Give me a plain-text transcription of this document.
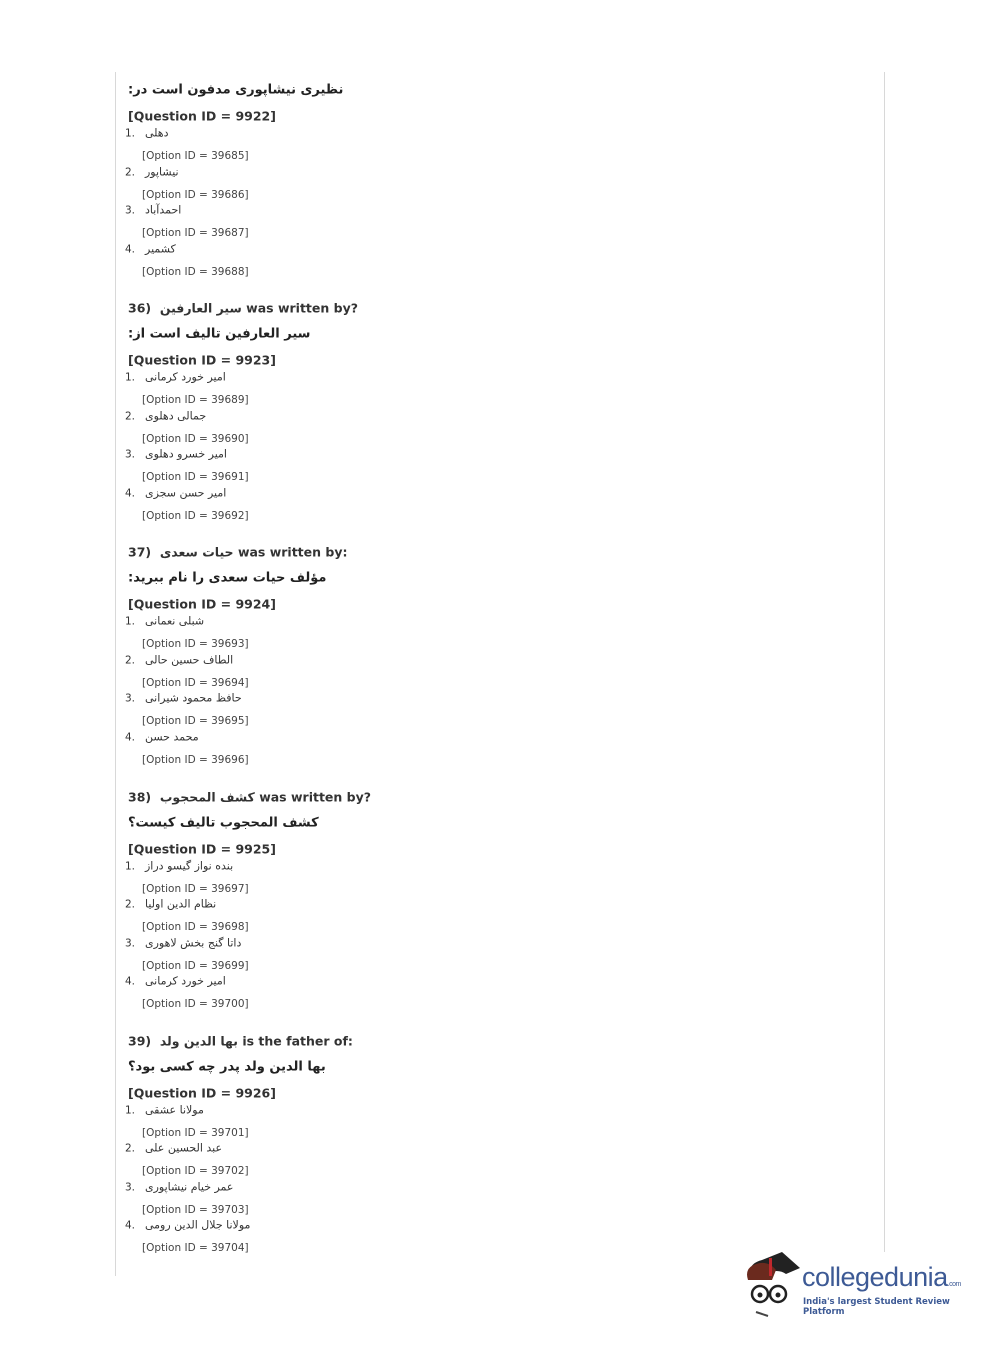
نظیری نیشاپوری مدفون است در:
[Question ID = 9922]
1. دهلی
[Option ID = 39685]
2. نیشاپور
[Option ID = 39686]
3. احمدآباد
[Option ID = 39687]
4. کشمیر
[Option ID = 39688]
36) سیر العارفین was written by?
سیر العارفین تالیف است از:
[Question ID = 9923]
1. امیر خورد کرمانی
[Option ID = 39689]
2. جمالی دهلوی
[Option ID = 39690]
3. امیر خسرو دهلوی
[Option ID = 39691]
4. امیر حسن سجزی
[Option ID = 39692]
37) حیات سعدی was written by:
مؤلف حیات سعدی را نام ببرید:
[Question ID = 9924]
1. شبلی نعمانی
[Option ID = 39693]
2. الطاف حسین حالی
[Option ID = 39694]
3. حافظ محمود شیرانی
[Option ID = 39695]
4. محمد حسن
[Option ID = 39696]
38) کشف المحجوب was written by?
کشف المحجوب تالیف کیست؟
[Question ID = 9925]
1. بنده نواز گیسو دراز
[Option ID = 39697]
2. نظام الدین اولیا
[Option ID = 39698]
3. داتا گنج بخش لاهوری
[Option ID = 39699]
4. امیر خورد کرمانی
[Option ID = 39700]
39) بها الدین ولد is the father of:
بها الدین ولد پدر چه کسی بود؟
[Question ID = 9926]
1. مولانا عشقی
[Option ID = 39701]
2. عبد الحسین علی
[Option ID = 39702]
3. عمر خیام نیشاپوری
[Option ID = 39703]
4. مولانا جلال الدین رومی
[Option ID = 39704]
collegedunia.com
India's largest Student Review Platform
